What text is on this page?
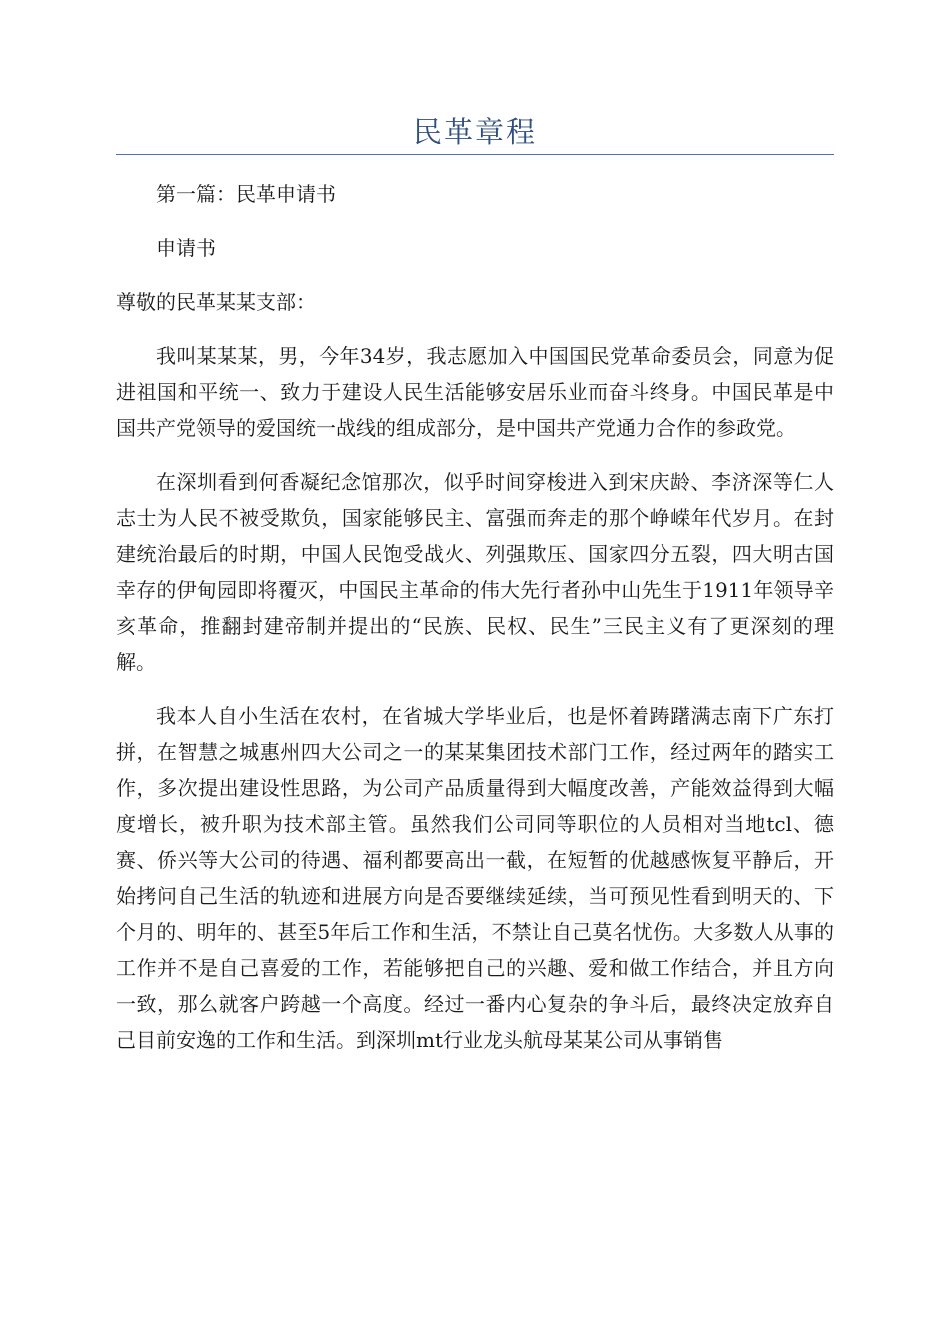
民革章程

第一篇：民革申请书

申请书

尊敬的民革某某支部：

我叫某某某，男，今年34岁，我志愿加入中国国民党革命委员会，同意为促进祖国和平统一、致力于建设人民生活能够安居乐业而奋斗终身。中国民革是中国共产党领导的爱国统一战线的组成部分，是中国共产党通力合作的参政党。

在深圳看到何香凝纪念馆那次，似乎时间穿梭进入到宋庆龄、李济深等仁人志士为人民不被受欺负，国家能够民主、富强而奔走的那个峥嵘年代岁月。在封建统治最后的时期，中国人民饱受战火、列强欺压、国家四分五裂，四大明古国幸存的伊甸园即将覆灭，中国民主革命的伟大先行者孙中山先生于1911年领导辛亥革命，推翻封建帝制并提出的“民族、民权、民生”三民主义有了更深刻的理解。

我本人自小生活在农村，在省城大学毕业后，也是怀着踌躇满志南下广东打拼，在智慧之城惠州四大公司之一的某某集团技术部门工作，经过两年的踏实工作，多次提出建设性思路，为公司产品质量得到大幅度改善，产能效益得到大幅度增长，被升职为技术部主管。虽然我们公司同等职位的人员相对当地tcl、德赛、侨兴等大公司的待遇、福利都要高出一截，在短暂的优越感恢复平静后，开始拷问自己生活的轨迹和进展方向是否要继续延续，当可预见性看到明天的、下个月的、明年的、甚至5年后工作和生活，不禁让自己莫名忧伤。大多数人从事的工作并不是自己喜爱的工作，若能够把自己的兴趣、爱和做工作结合，并且方向一致，那么就客户跨越一个高度。经过一番内心复杂的争斗后，最终决定放弃自己目前安逸的工作和生活。到深圳mt行业龙头航母某某公司从事销售
